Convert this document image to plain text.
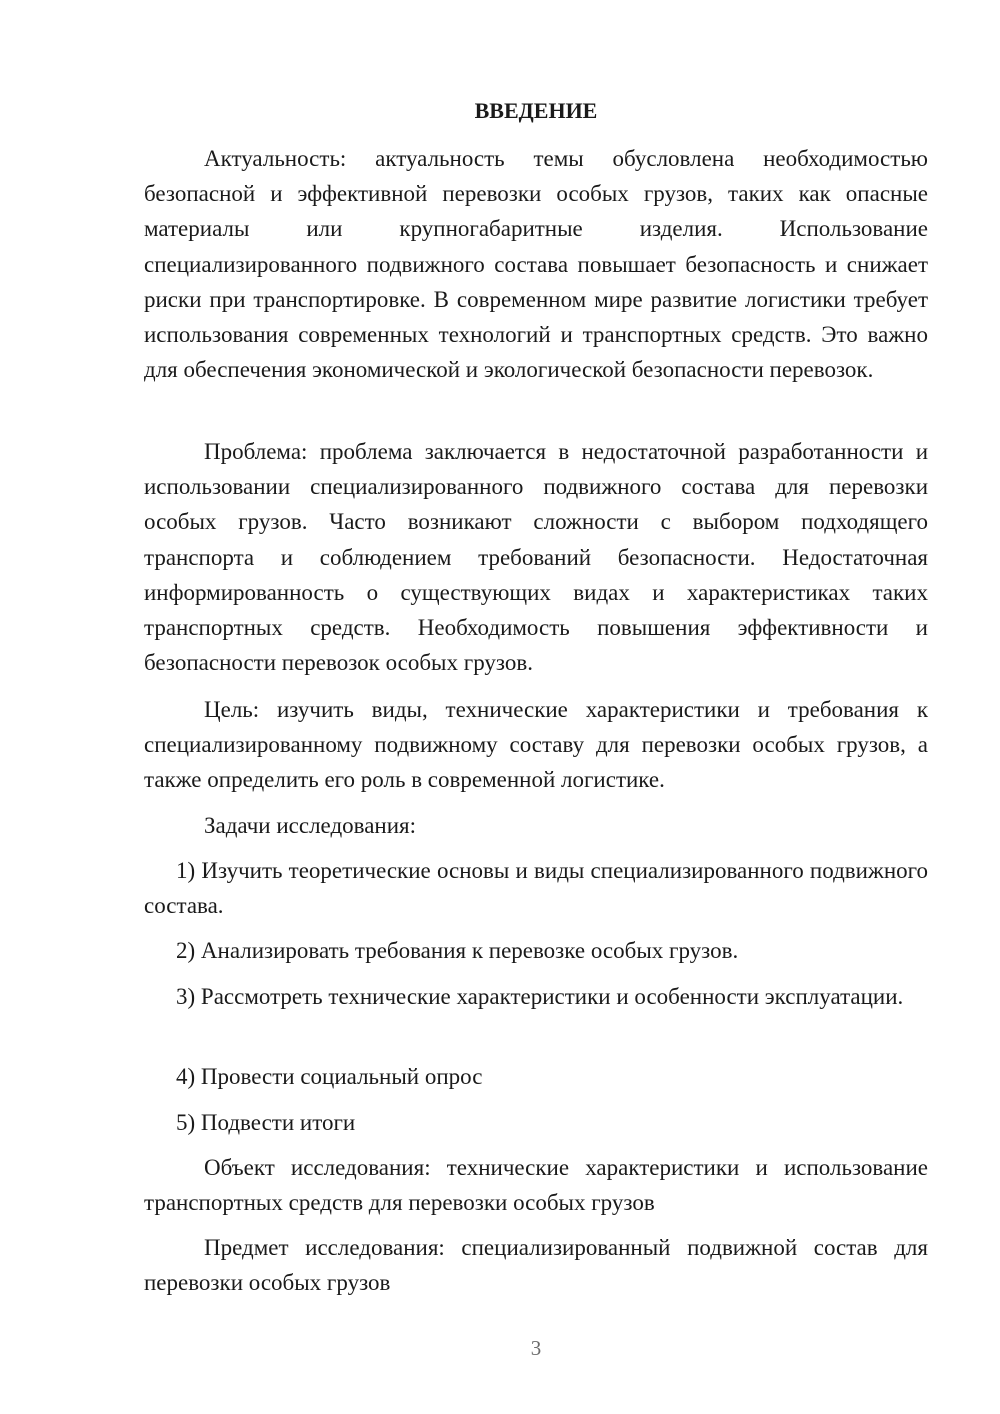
ВВЕДЕНИЕ

Актуальность: актуальность темы обусловлена необходимостью безопасной и эффективной перевозки особых грузов, таких как опасные материалы или крупногабаритные изделия. Использование специализированного подвижного состава повышает безопасность и снижает риски при транспортировке. В современном мире развитие логистики требует использования современных технологий и транспортных средств. Это важно для обеспечения экономической и экологической безопасности перевозок.

Проблема: проблема заключается в недостаточной разработанности и использовании специализированного подвижного состава для перевозки особых грузов. Часто возникают сложности с выбором подходящего транспорта и соблюдением требований безопасности. Недостаточная информированность о существующих видах и характеристиках таких транспортных средств. Необходимость повышения эффективности и безопасности перевозок особых грузов.

Цель: изучить виды, технические характеристики и требования к специализированному подвижному составу для перевозки особых грузов, а также определить его роль в современной логистике.

Задачи исследования:

1) Изучить теоретические основы и виды специализированного подвижного состава.

2) Анализировать требования к перевозке особых грузов.

3) Рассмотреть технические характеристики и особенности эксплуатации.

4) Провести социальный опрос

5) Подвести итоги

Объект исследования: технические характеристики и использование транспортных средств для перевозки особых грузов

Предмет исследования: специализированный подвижной состав для перевозки особых грузов

3
